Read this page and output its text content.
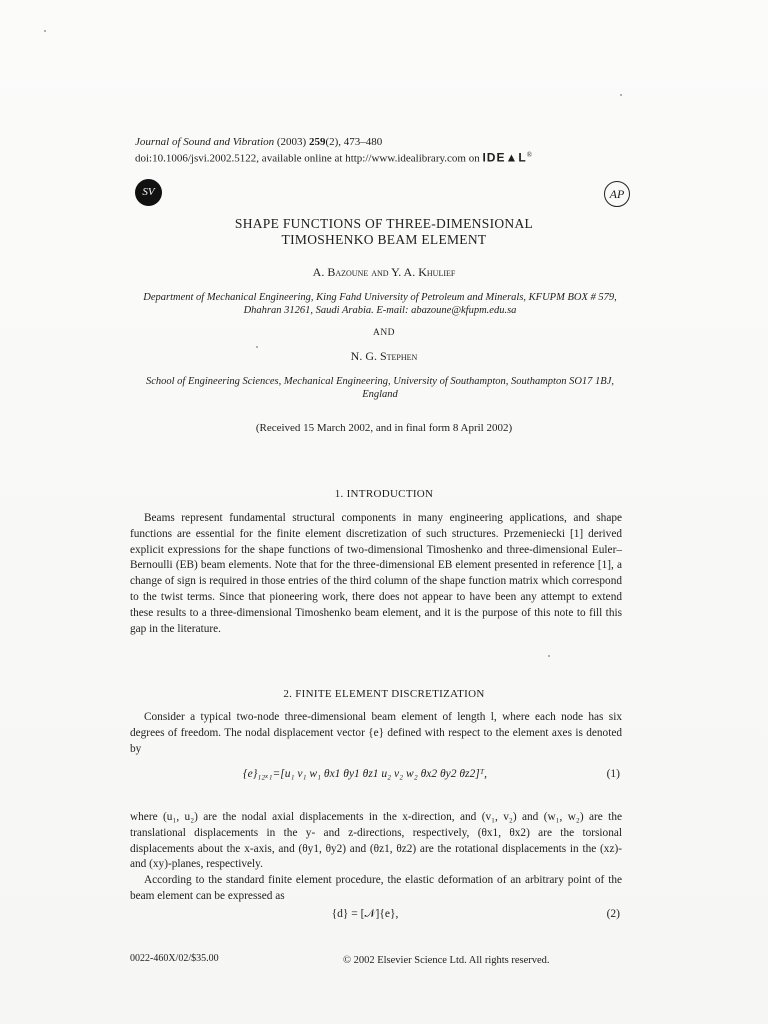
Journal of Sound and Vibration (2003) 259(2), 473–480
doi:10.1006/jsvi.2002.5122, available online at http://www.idealibrary.com on IDE▲L®
SV	AP
SHAPE FUNCTIONS OF THREE-DIMENSIONAL
TIMOSHENKO BEAM ELEMENT
A. Bazoune and Y. A. Khulief
Department of Mechanical Engineering, King Fahd University of Petroleum and Minerals, KFUPM BOX # 579, Dhahran 31261, Saudi Arabia. E-mail: abazoune@kfupm.edu.sa
AND
N. G. Stephen
School of Engineering Sciences, Mechanical Engineering, University of Southampton, Southampton SO17 1BJ, England
(Received 15 March 2002, and in final form 8 April 2002)
1. INTRODUCTION

Beams represent fundamental structural components in many engineering applications, and shape functions are essential for the finite element discretization of such structures. Przemeniecki [1] derived explicit expressions for the shape functions of two-dimensional Timoshenko and three-dimensional Euler–Bernoulli (EB) beam elements. Note that for the three-dimensional EB element presented in reference [1], a change of sign is required in those entries of the third column of the shape function matrix which correspond to the twist terms. Since that pioneering work, there does not appear to have been any attempt to extend these results to a three-dimensional Timoshenko beam element, and it is the purpose of this note to fill this gap in the literature.

2. FINITE ELEMENT DISCRETIZATION

Consider a typical two-node three-dimensional beam element of length l, where each node has six degrees of freedom. The nodal displacement vector {e} defined with respect to the element axes is denoted by

{e}₁₂ₓ₁=[u₁ v₁ w₁ θx1 θy1 θz1 u₂ v₂ w₂ θx2 θy2 θz2]ᵀ,	(1)

where (u₁, u₂) are the nodal axial displacements in the x-direction, and (v₁, v₂) and (w₁, w₂) are the translational displacements in the y- and z-directions, respectively, (θx1, θx2) are the torsional displacements about the x-axis, and (θy1, θy2) and (θz1, θz2) are the rotational displacements in the (xz)- and (xy)-planes, respectively.

According to the standard finite element procedure, the elastic deformation of an arbitrary point of the beam element can be expressed as

{d} = [𝒩]{e},	(2)
0022-460X/02/$35.00	© 2002 Elsevier Science Ltd. All rights reserved.
